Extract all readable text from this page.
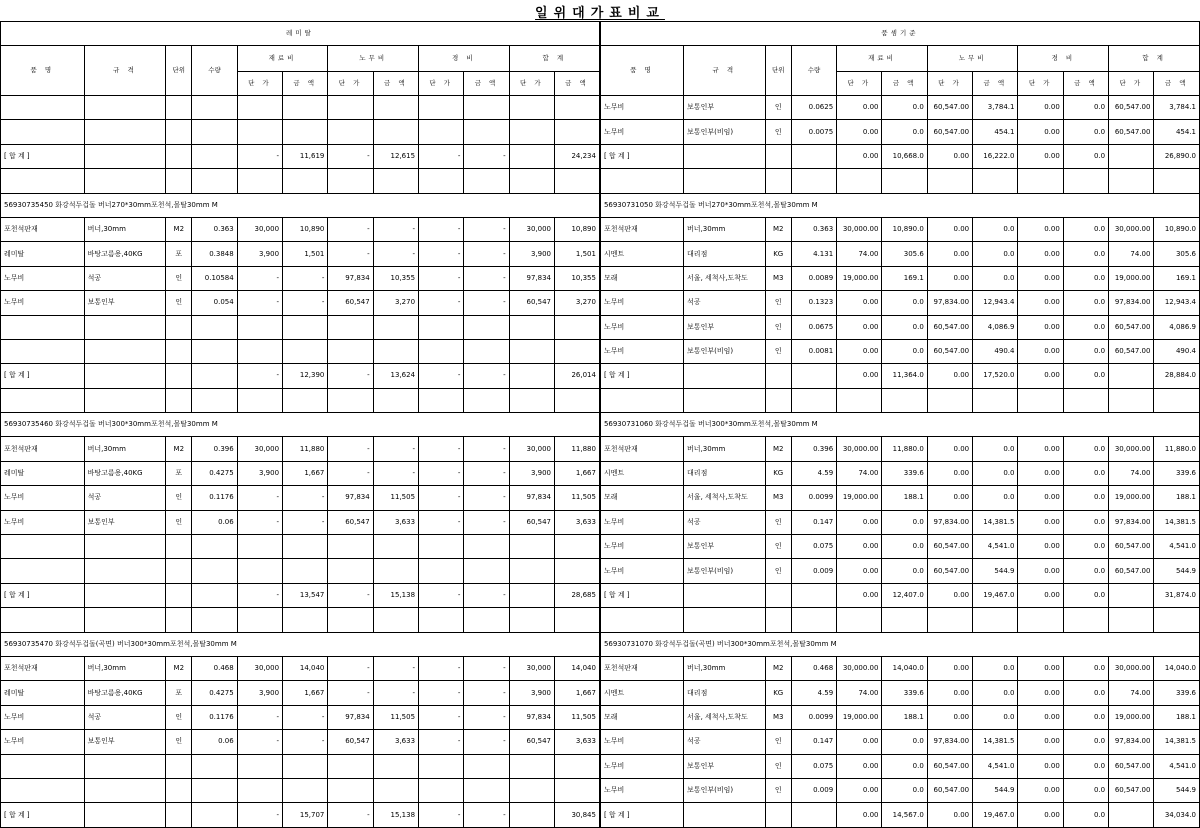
일위대가표비교
레미탈												품셈기준											
품 명	규 격	단위	수량	재료비		노무비		경 비		합 계		품 명	규 격	단위	수량	재료비		노무비		경 비		합 계	
				단 가	금 액	단 가	금 액	단 가	금 액	단 가	금 액					단 가	금 액	단 가	금 액	단 가	금 액	단 가	금 액
												노무비	보통인부	인	0.0625	0.00	0.0	60,547.00	3,784.1	0.00	0.0	60,547.00	3,784.1
												노무비	보통인부(비임)	인	0.0075	0.00	0.0	60,547.00	454.1	0.00	0.0	60,547.00	454.1
[ 합 계 ]				-	11,619	-	12,615	-	-		24,234	[ 합 계 ]				0.00	10,668.0	0.00	16,222.0	0.00	0.0		26,890.0

56930735450 화강석두겁돌 버너270*30mm포천석,몰탈30mm M												56930731050 화강석두겁돌 버너270*30mm포천석,몰탈30mm M											
포천석판재	버너,30mm	M2	0.363	30,000	10,890	-	-	-	-	30,000	10,890	포천석판재	버너,30mm	M2	0.363	30,000.00	10,890.0	0.00	0.0	0.00	0.0	30,000.00	10,890.0
레미탈	바탕고름용,40KG	포	0.3848	3,900	1,501	-	-	-	-	3,900	1,501	시멘트	대리점	KG	4.131	74.00	305.6	0.00	0.0	0.00	0.0	74.00	305.6
노무비	석공	인	0.10584	-	-	97,834	10,355	-	-	97,834	10,355	모래	서울, 세척사,도착도	M3	0.0089	19,000.00	169.1	0.00	0.0	0.00	0.0	19,000.00	169.1
노무비	보통인부	인	0.054	-	-	60,547	3,270	-	-	60,547	3,270	노무비	석공	인	0.1323	0.00	0.0	97,834.00	12,943.4	0.00	0.0	97,834.00	12,943.4
												노무비	보통인부	인	0.0675	0.00	0.0	60,547.00	4,086.9	0.00	0.0	60,547.00	4,086.9
												노무비	보통인부(비임)	인	0.0081	0.00	0.0	60,547.00	490.4	0.00	0.0	60,547.00	490.4
[ 합 계 ]				-	12,390	-	13,624	-	-		26,014	[ 합 계 ]				0.00	11,364.0	0.00	17,520.0	0.00	0.0		28,884.0

56930735460 화강석두겁돌 버너300*30mm포천석,몰탈30mm M												56930731060 화강석두겁돌 버너300*30mm포천석,몰탈30mm M											
포천석판재	버너,30mm	M2	0.396	30,000	11,880	-	-	-	-	30,000	11,880	포천석판재	버너,30mm	M2	0.396	30,000.00	11,880.0	0.00	0.0	0.00	0.0	30,000.00	11,880.0
레미탈	바탕고름용,40KG	포	0.4275	3,900	1,667	-	-	-	-	3,900	1,667	시멘트	대리점	KG	4.59	74.00	339.6	0.00	0.0	0.00	0.0	74.00	339.6
노무비	석공	인	0.1176	-	-	97,834	11,505	-	-	97,834	11,505	모래	서울, 세척사,도착도	M3	0.0099	19,000.00	188.1	0.00	0.0	0.00	0.0	19,000.00	188.1
노무비	보통인부	인	0.06	-	-	60,547	3,633	-	-	60,547	3,633	노무비	석공	인	0.147	0.00	0.0	97,834.00	14,381.5	0.00	0.0	97,834.00	14,381.5
												노무비	보통인부	인	0.075	0.00	0.0	60,547.00	4,541.0	0.00	0.0	60,547.00	4,541.0
												노무비	보통인부(비임)	인	0.009	0.00	0.0	60,547.00	544.9	0.00	0.0	60,547.00	544.9
[ 합 계 ]				-	13,547	-	15,138	-	-		28,685	[ 합 계 ]				0.00	12,407.0	0.00	19,467.0	0.00	0.0		31,874.0

56930735470 화강석두겁돌(곡면) 버너300*30mm포천석,몰탈30mm M												56930731070 화강석두겁돌(곡면) 버너300*30mm포천석,몰탈30mm M											
포천석판재	버너,30mm	M2	0.468	30,000	14,040	-	-	-	-	30,000	14,040	포천석판재	버너,30mm	M2	0.468	30,000.00	14,040.0	0.00	0.0	0.00	0.0	30,000.00	14,040.0
레미탈	바탕고름용,40KG	포	0.4275	3,900	1,667	-	-	-	-	3,900	1,667	시멘트	대리점	KG	4.59	74.00	339.6	0.00	0.0	0.00	0.0	74.00	339.6
노무비	석공	인	0.1176	-	-	97,834	11,505	-	-	97,834	11,505	모래	서울, 세척사,도착도	M3	0.0099	19,000.00	188.1	0.00	0.0	0.00	0.0	19,000.00	188.1
노무비	보통인부	인	0.06	-	-	60,547	3,633	-	-	60,547	3,633	노무비	석공	인	0.147	0.00	0.0	97,834.00	14,381.5	0.00	0.0	97,834.00	14,381.5
												노무비	보통인부	인	0.075	0.00	0.0	60,547.00	4,541.0	0.00	0.0	60,547.00	4,541.0
												노무비	보통인부(비임)	인	0.009	0.00	0.0	60,547.00	544.9	0.00	0.0	60,547.00	544.9
[ 합 계 ]				-	15,707	-	15,138	-	-		30,845	[ 합 계 ]				0.00	14,567.0	0.00	19,467.0	0.00	0.0		34,034.0
